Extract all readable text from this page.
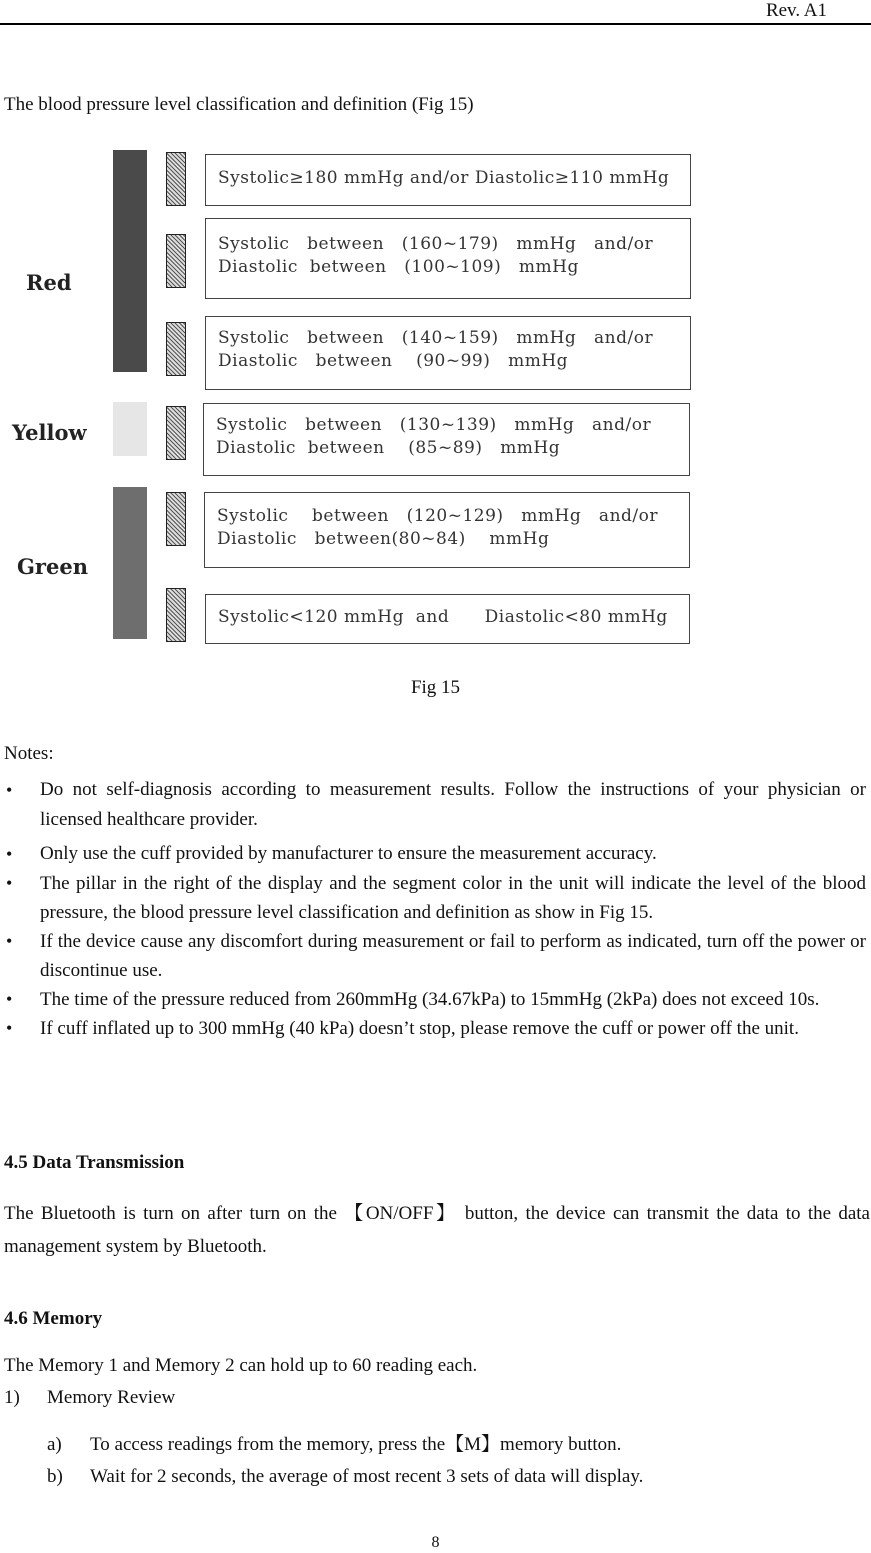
Rev. A1
The blood pressure level classification and definition (Fig 15)
Red
Yellow
Green
Systolic≥180 mmHg and/or Diastolic≥110 mmHg
Systolic   between   (160~179)   mmHg   and/or
Diastolic  between   (100~109)   mmHg
Systolic   between   (140~159)   mmHg   and/or
Diastolic   between    (90~99)   mmHg
Systolic   between   (130~139)   mmHg   and/or
Diastolic  between    (85~89)   mmHg
Systolic    between   (120~129)   mmHg   and/or
Diastolic   between(80~84)    mmHg
Systolic<120 mmHg  and      Diastolic<80 mmHg
Fig 15
Notes:
• Do not self-diagnosis according to measurement results. Follow the instructions of your physician or licensed healthcare provider.
• Only use the cuff provided by manufacturer to ensure the measurement accuracy.
• The pillar in the right of the display and the segment color in the unit will indicate the level of the blood pressure, the blood pressure level classification and definition as show in Fig 15.
• If the device cause any discomfort during measurement or fail to perform as indicated, turn off the power or discontinue use.
• The time of the pressure reduced from 260mmHg (34.67kPa) to 15mmHg (2kPa) does not exceed 10s.
• If cuff inflated up to 300 mmHg (40 kPa) doesn’t stop, please remove the cuff or power off the unit.
4.5 Data Transmission
The Bluetooth is turn on after turn on the 【ON/OFF】 button, the device can transmit the data to the data management system by Bluetooth.
4.6 Memory
The Memory 1 and Memory 2 can hold up to 60 reading each.
1) Memory Review
a) To access readings from the memory, press the【M】memory button.
b) Wait for 2 seconds, the average of most recent 3 sets of data will display.
8
